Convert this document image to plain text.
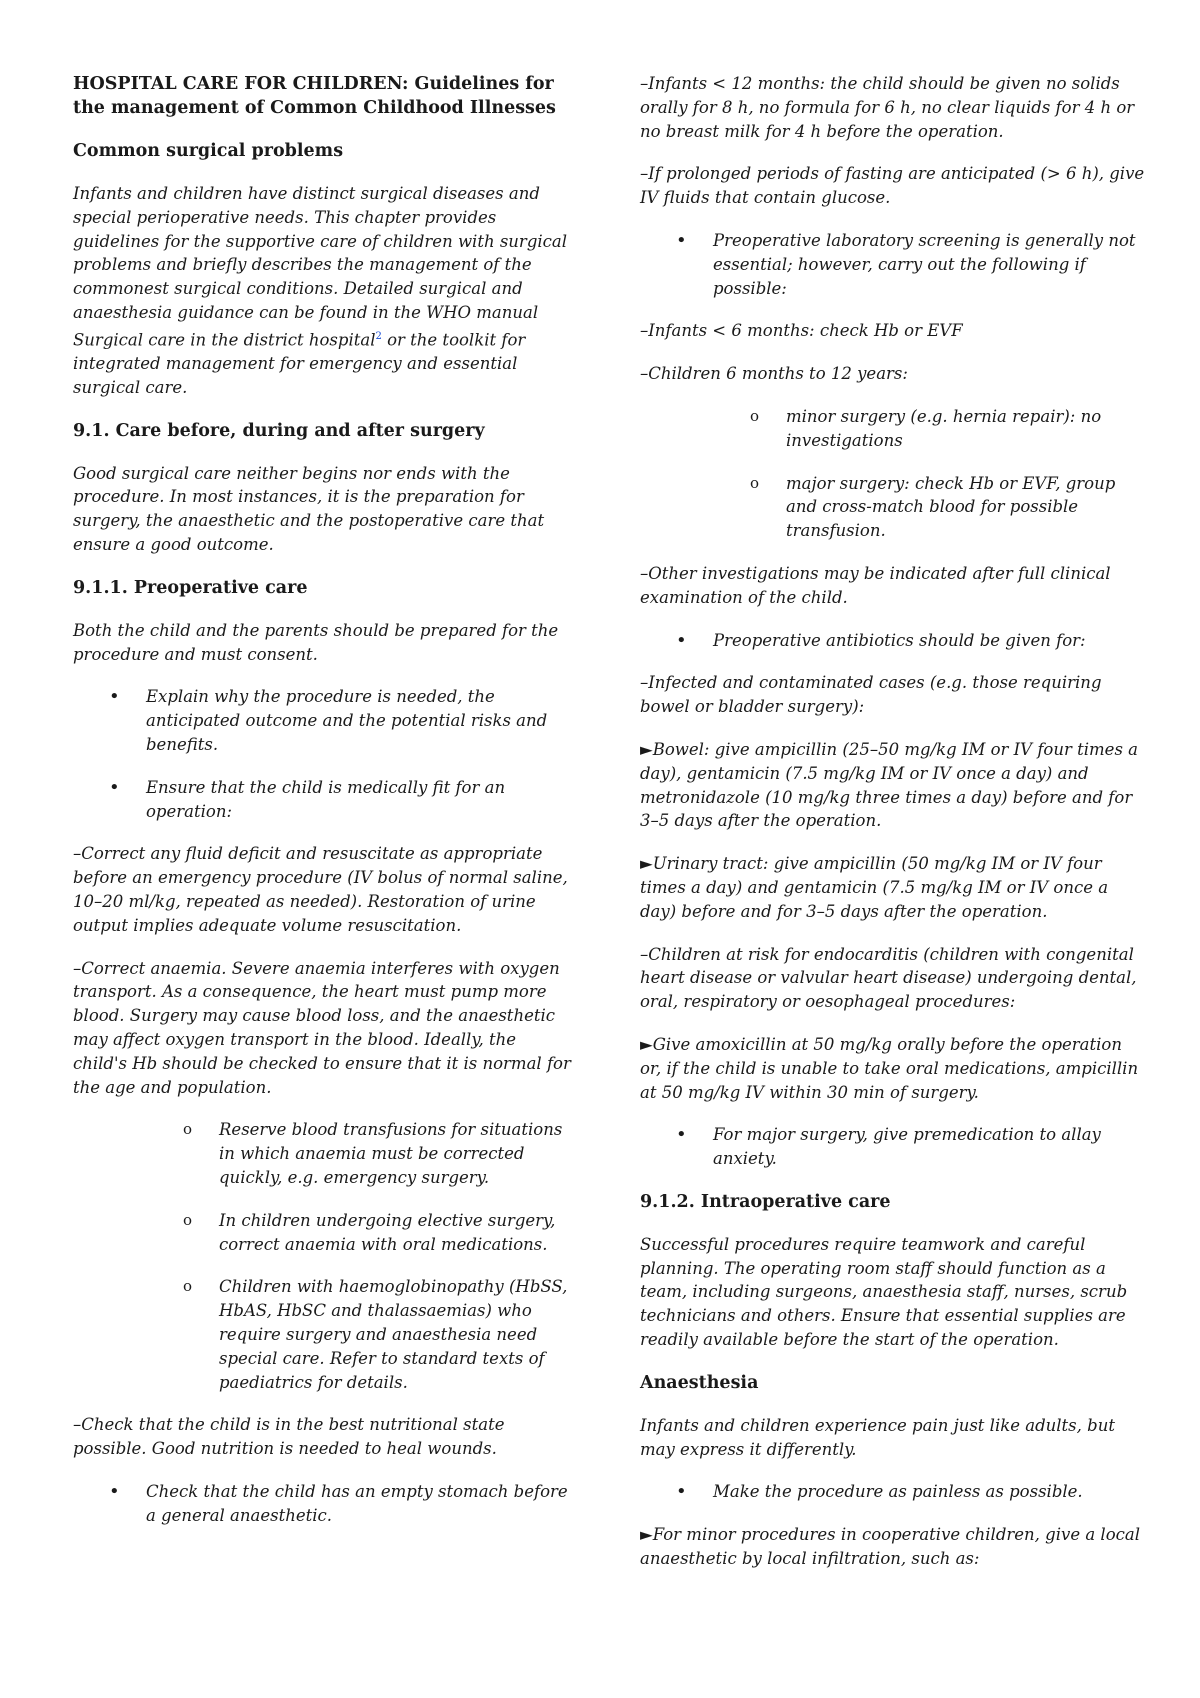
HOSPITAL CARE FOR CHILDREN: Guidelines for the management of Common Childhood Illnesses
Common surgical problems

Infants and children have distinct surgical diseases and special perioperative needs. This chapter provides guidelines for the supportive care of children with surgical problems and briefly describes the management of the commonest surgical conditions. Detailed surgical and anaesthesia guidance can be found in the WHO manual Surgical care in the district hospital$^2$ or the toolkit for integrated management for emergency and essential surgical care.

9.1. Care before, during and after surgery

Good surgical care neither begins nor ends with the procedure. In most instances, it is the preparation for surgery, the anaesthetic and the postoperative care that ensure a good outcome.

9.1.1. Preoperative care

Both the child and the parents should be prepared for the procedure and must consent.

• Explain why the procedure is needed, the anticipated outcome and the potential risks and benefits.

• Ensure that the child is medically fit for an operation:

–Correct any fluid deficit and resuscitate as appropriate before an emergency procedure (IV bolus of normal saline, 10–20 ml/kg, repeated as needed). Restoration of urine output implies adequate volume resuscitation.

–Correct anaemia. Severe anaemia interferes with oxygen transport. As a consequence, the heart must pump more blood. Surgery may cause blood loss, and the anaesthetic may affect oxygen transport in the blood. Ideally, the child's Hb should be checked to ensure that it is normal for the age and population.

o Reserve blood transfusions for situations in which anaemia must be corrected quickly, e.g. emergency surgery.

o In children undergoing elective surgery, correct anaemia with oral medications.

o Children with haemoglobinopathy (HbSS, HbAS, HbSC and thalassaemias) who require surgery and anaesthesia need special care. Refer to standard texts of paediatrics for details.

–Check that the child is in the best nutritional state possible. Good nutrition is needed to heal wounds.

• Check that the child has an empty stomach before a general anaesthetic.

–Infants < 12 months: the child should be given no solids orally for 8 h, no formula for 6 h, no clear liquids for 4 h or no breast milk for 4 h before the operation.

–If prolonged periods of fasting are anticipated (> 6 h), give IV fluids that contain glucose.

• Preoperative laboratory screening is generally not essential; however, carry out the following if possible:

–Infants < 6 months: check Hb or EVF

–Children 6 months to 12 years:

o minor surgery (e.g. hernia repair): no investigations

o major surgery: check Hb or EVF, group and cross-match blood for possible transfusion.

–Other investigations may be indicated after full clinical examination of the child.

• Preoperative antibiotics should be given for:

–Infected and contaminated cases (e.g. those requiring bowel or bladder surgery):

►Bowel: give ampicillin (25–50 mg/kg IM or IV four times a day), gentamicin (7.5 mg/kg IM or IV once a day) and metronidazole (10 mg/kg three times a day) before and for 3–5 days after the operation.

►Urinary tract: give ampicillin (50 mg/kg IM or IV four times a day) and gentamicin (7.5 mg/kg IM or IV once a day) before and for 3–5 days after the operation.

–Children at risk for endocarditis (children with congenital heart disease or valvular heart disease) undergoing dental, oral, respiratory or oesophageal procedures:

►Give amoxicillin at 50 mg/kg orally before the operation or, if the child is unable to take oral medications, ampicillin at 50 mg/kg IV within 30 min of surgery.

• For major surgery, give premedication to allay anxiety.

9.1.2. Intraoperative care

Successful procedures require teamwork and careful planning. The operating room staff should function as a team, including surgeons, anaesthesia staff, nurses, scrub technicians and others. Ensure that essential supplies are readily available before the start of the operation.

Anaesthesia

Infants and children experience pain just like adults, but may express it differently.

• Make the procedure as painless as possible.

►For minor procedures in cooperative children, give a local anaesthetic by local infiltration, such as:
